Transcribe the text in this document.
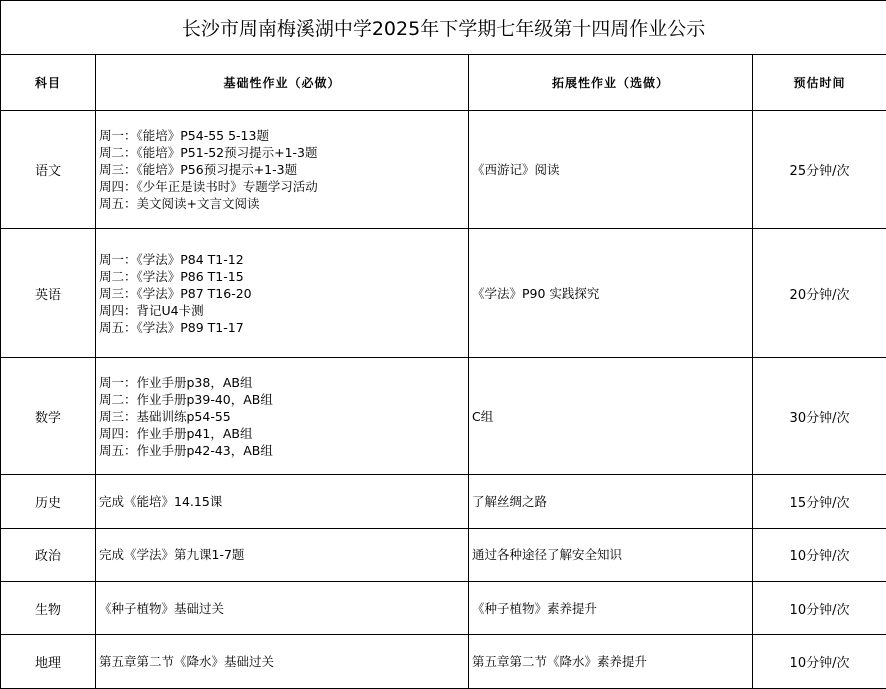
长沙市周南梅溪湖中学2025年下学期七年级第十四周作业公示			
科目	基础性作业（必做）	拓展性作业（选做）	预估时间
语文	周一：《能培》P54-55 5-13题
周二：《能培》P51-52预习提示+1-3题
周三：《能培》P56预习提示+1-3题
周四：《少年正是读书时》专题学习活动
周五：美文阅读+文言文阅读	《西游记》阅读	25分钟/次
英语	周一：《学法》P84 T1-12
周二：《学法》P86 T1-15
周三：《学法》P87 T16-20
周四：背记U4卡测
周五：《学法》P89 T1-17	《学法》P90 实践探究	20分钟/次
数学	周一：作业手册p38，AB组
周二：作业手册p39-40，AB组
周三：基础训练p54-55
周四：作业手册p41，AB组
周五：作业手册p42-43，AB组	C组	30分钟/次
历史	完成《能培》14.15课	了解丝绸之路	15分钟/次
政治	完成《学法》第九课1-7题	通过各种途径了解安全知识	10分钟/次
生物	《种子植物》基础过关	《种子植物》素养提升	10分钟/次
地理	第五章第二节《降水》基础过关	第五章第二节《降水》素养提升	10分钟/次
